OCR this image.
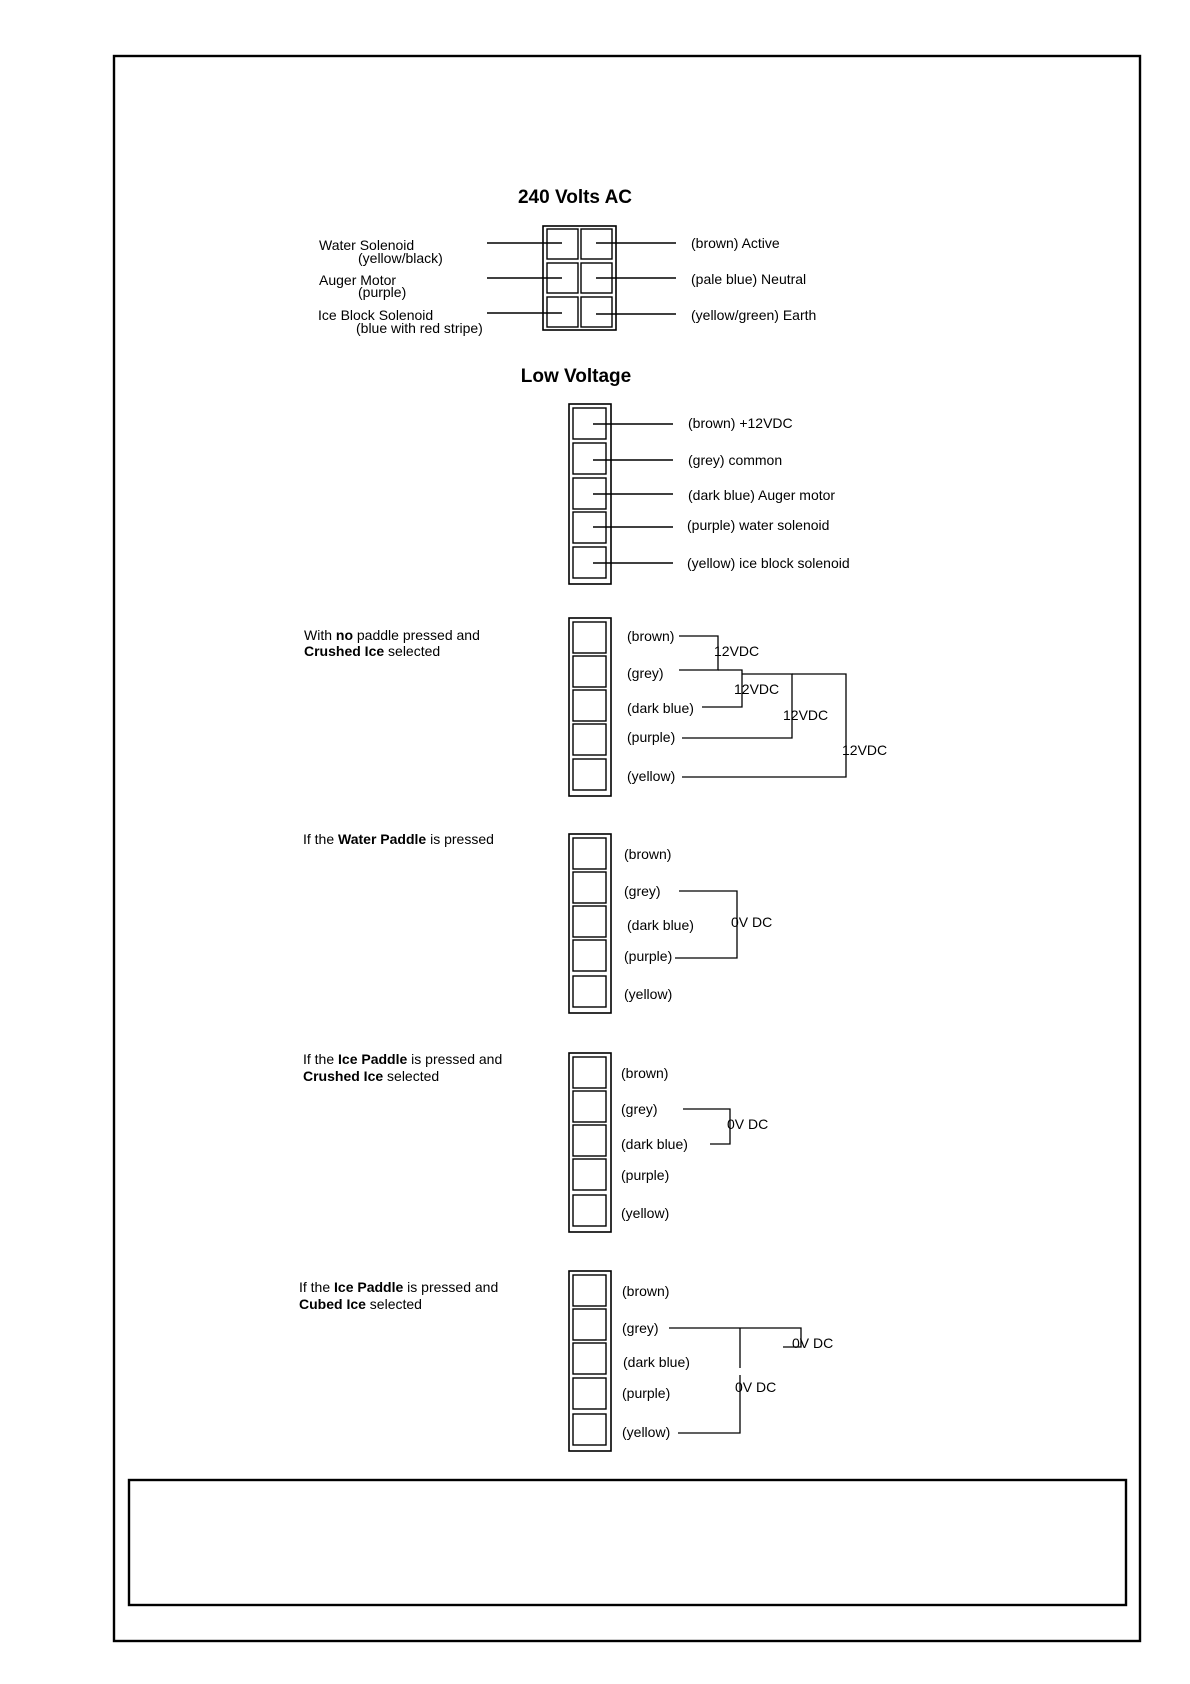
240 Volts AC
Water Solenoid
(yellow/black)
Auger Motor
(purple)
Ice Block Solenoid
(blue with red stripe)
(brown) Active
(pale blue) Neutral
(yellow/green) Earth
Low Voltage
(brown) +12VDC
(grey) common
(dark blue) Auger motor
(purple) water solenoid
(yellow) ice block solenoid
With no paddle pressed and
Crushed Ice selected
(brown)
(grey)
(dark blue)
(purple)
(yellow)
12VDC
12VDC
12VDC
12VDC
If the Water Paddle is pressed
(brown)
(grey)
(dark blue)
(purple)
(yellow)
0V DC
If the Ice Paddle is pressed and
Crushed Ice selected	(brown)
(grey)
(dark blue)
(purple)
(yellow)
0V DC
If the Ice Paddle is pressed and
Cubed Ice selected
(brown)
(grey)
(dark blue)
(purple)
(yellow)
0V DC
0V DC
